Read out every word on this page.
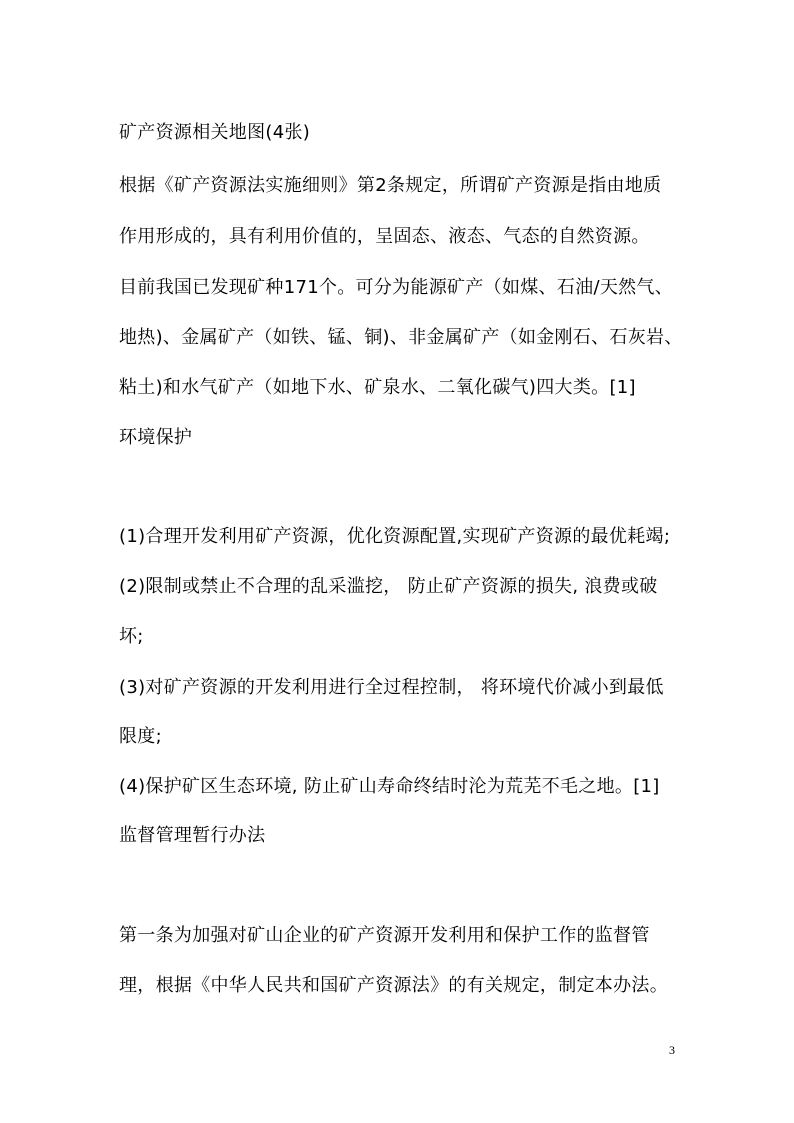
矿产资源相关地图(4张)
根据《矿产资源法实施细则》第2条规定，所谓矿产资源是指由地质
作用形成的，具有利用价值的，呈固态、液态、气态的自然资源。
目前我国已发现矿种171个。可分为能源矿产（如煤、石油/天然气、
地热)、金属矿产（如铁、锰、铜)、非金属矿产（如金刚石、石灰岩、
粘土)和水气矿产（如地下水、矿泉水、二氧化碳气)四大类。[1]
环境保护
(1)合理开发利用矿产资源，优化资源配置,实现矿产资源的最优耗竭;
(2)限制或禁止不合理的乱采滥挖， 防止矿产资源的损失, 浪费或破
坏;
(3)对矿产资源的开发利用进行全过程控制， 将环境代价减小到最低
限度;
(4)保护矿区生态环境, 防止矿山寿命终结时沦为荒芜不毛之地。[1]
监督管理暂行办法
第一条为加强对矿山企业的矿产资源开发利用和保护工作的监督管
理，根据《中华人民共和国矿产资源法》的有关规定，制定本办法。
3
